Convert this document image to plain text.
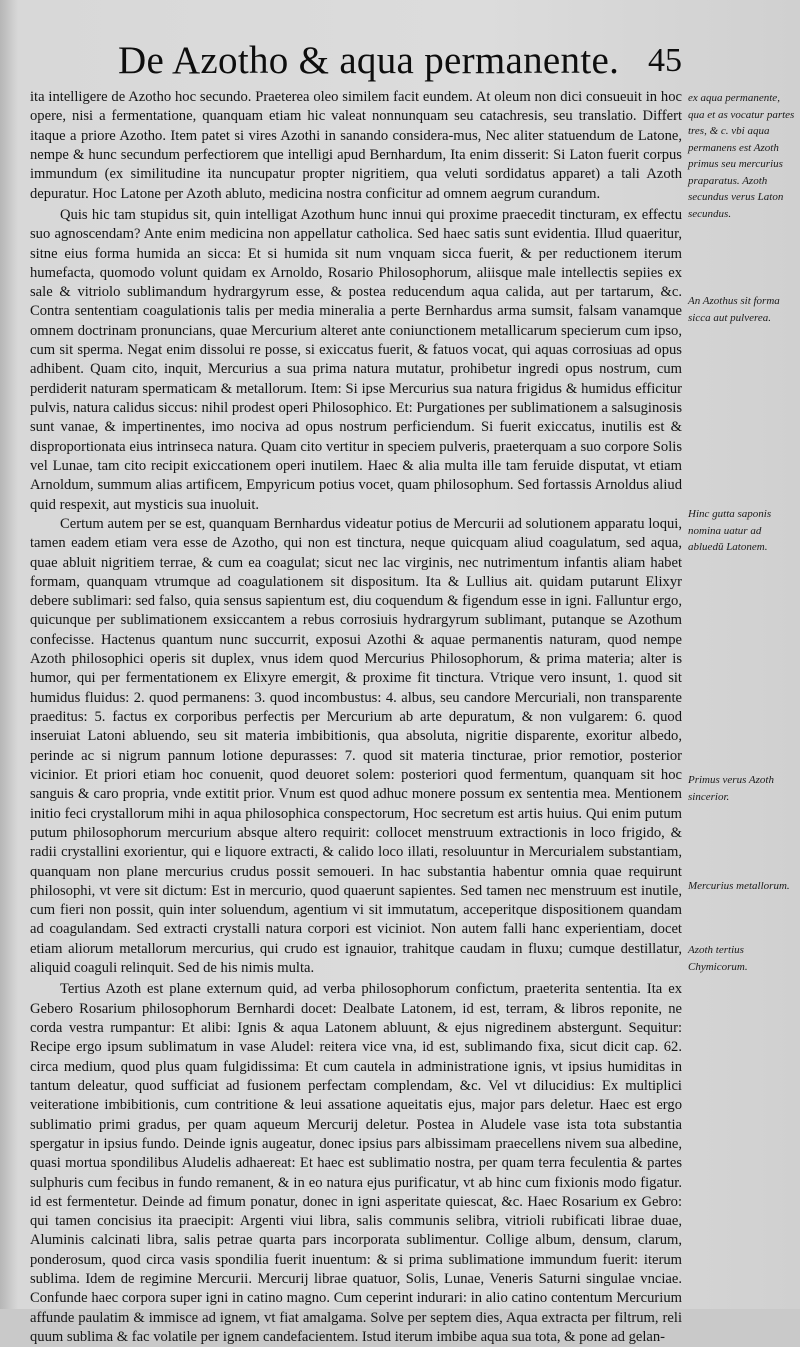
De Azotho & aqua permanente. 45

ita intelligere de Azotho hoc secundo. Praeterea oleo similem facit eundem. At oleum non dici consueuit in hoc opere, nisi a fermentatione, quanquam etiam hic valeat nonnunquam seu catachresis, seu translatio. Differt itaque a priore Azotho. Item patet si vires Azothi in sanando considera-mus, Nec aliter statuendum de Latone, nempe & hunc secundum perfectiorem que intelligi apud Bernhardum, Ita enim disserit: Si Laton fuerit corpus immundum (ex similitudine ita nuncupatur propter nigritiem, qua veluti sordidatus apparet) a tali Azoth depuratur. Hoc Latone per Azoth abluto, medicina nostra conficitur ad omnem aegrum curandum.

Quis hic tam stupidus sit, quin intelligat Azothum hunc innui qui proxime praecedit tincturam, ex effectu suo agnoscendam? Ante enim medicina non appellatur catholica. Sed haec satis sunt evidentia. Illud quaeritur, sitne eius forma humida an sicca: Et si humida sit num vnquam sicca fuerit, & per reductionem iterum humefacta, quomodo volunt quidam ex Arnoldo, Rosario Philosophorum, aliisque male intellectis sepiies ex sale & vitriolo sublimandum hydrargyrum esse, & postea reducendum aqua calida, aut per tartarum, &c. Contra sententiam coagulationis talis per media mineralia a perte Bernhardus arma sumsit, falsam vanamque omnem doctrinam pronuncians, quae Mercurium alteret ante coniunctionem metallicarum specierum cum ipso, cum sit sperma. Negat enim dissolui re posse, si exiccatus fuerit, & fatuos vocat, qui aquas corrosiuas ad opus adhibent. Quam cito, inquit, Mercurius a sua prima natura mutatur, prohibetur ingredi opus nostrum, cum perdiderit naturam spermaticam & metallorum. Item: Si ipse Mercurius sua natura frigidus & humidus efficitur pulvis, natura calidus siccus: nihil prodest operi Philosophico. Et: Purgationes per sublimationem a salsuginosis sunt vanae, & impertinentes, imo nociva ad opus nostrum perficiendum. Si fuerit exiccatus, inutilis est & disproportionata eius intrinseca natura. Quam cito vertitur in speciem pulveris, praeterquam a suo corpore Solis vel Lunae, tam cito recipit exiccationem operi inutilem. Haec & alia multa ille tam feruide disputat, vt etiam Arnoldum, summum alias artificem, Empyricum potius vocet, quam philosophum. Sed fortassis Arnoldus aliud quid respexit, aut mysticis sua inuoluit.

Certum autem per se est, quanquam Bernhardus videatur potius de Mercurii ad solutionem apparatu loqui, tamen eadem etiam vera esse de Azotho, qui non est tinctura, neque quicquam aliud coagulatum, sed aqua, quae abluit nigritiem terrae, & cum ea coagulat; sicut nec lac virginis, nec nutrimentum infantis aliam habet formam, quanquam vtrumque ad coagulationem sit dispositum. Ita & Lullius ait. quidam putarunt Elixyr debere sublimari: sed falso, quia sensus sapientum est, diu coquendum & figendum esse in igni. Falluntur ergo, quicunque per sublimationem exsiccantem a rebus corrosiuis hydrargyrum sublimant, putanque se Azothum confecisse. Hactenus quantum nunc succurrit, exposui Azothi & aquae permanentis naturam, quod nempe Azoth philosophici operis sit duplex, vnus idem quod Mercurius Philosophorum, & prima materia; alter is humor, qui per fermentationem ex Elixyre emergit, & proxime fit tinctura. Vtrique vero insunt, 1. quod sit humidus fluidus: 2. quod permanens: 3. quod incombustus: 4. albus, seu candore Mercuriali, non transparente praeditus: 5. factus ex corporibus perfectis per Mercurium ab arte depuratum, & non vulgarem: 6. quod inseruiat Latoni abluendo, seu sit materia imbibitionis, qua absoluta, nigritie disparente, exoritur albedo, perinde ac si nigrum pannum lotione depurasses: 7. quod sit materia tincturae, prior remotior, posterior vicinior. Et priori etiam hoc conuenit, quod deuoret solem: posteriori quod fermentum, quanquam sit hoc sanguis & caro propria, vnde extitit prior. Vnum est quod adhuc monere possum ex sententia mea. Mentionem initio feci crystallorum mihi in aqua philosophica conspectorum, Hoc secretum est artis huius. Qui enim putum putum philosophorum mercurium absque altero requirit: collocet menstruum extractionis in loco frigido, & radii crystallini exorientur, qui e liquore extracti, & calido loco illati, resoluuntur in Mercurialem substantiam, quanquam non plane mercurius crudus possit semoueri. In hac substantia habentur omnia quae requirunt philosophi, vt vere sit dictum: Est in mercurio, quod quaerunt sapientes. Sed tamen nec menstruum est inutile, cum fieri non possit, quin inter soluendum, agentium vi sit immutatum, acceperitque dispositionem quandam ad coagulandam. Sed extracti crystalli natura corpori est viciniot. Non autem falli hanc experientiam, docet etiam aliorum metallorum mercurius, qui crudo est ignauior, trahitque caudam in fluxu; cumque destillatur, aliquid coaguli relinquit. Sed de his nimis multa.

Tertius Azoth est plane externum quid, ad verba philosophorum confictum, praeterita sententia. Ita ex Gebero Rosarium philosophorum Bernhardi docet: Dealbate Latonem, id est, terram, & libros reponite, ne corda vestra rumpantur: Et alibi: Ignis & aqua Latonem abluunt, & ejus nigredinem abstergunt. Sequitur: Recipe ergo ipsum sublimatum in vase Aludel: reitera vice vna, id est, sublimando fixa, sicut dicit cap. 62. circa medium, quod plus quam fulgidissima: Et cum cautela in administratione ignis, vt ipsius humiditas in tantum deleatur, quod sufficiat ad fusionem perfectam complendam, &c. Vel vt dilucidius: Ex multiplici veiteratione imbibitionis, cum contritione & leui assatione aqueitatis ejus, major pars deletur. Haec est ergo sublimatio primi gradus, per quam aqueum Mercurij deletur. Postea in Aludele vase ista tota substantia spergatur in ipsius fundo. Deinde ignis augeatur, donec ipsius pars albissimam praecellens nivem sua albedine, quasi mortua spondilibus Aludelis adhaereat: Et haec est sublimatio nostra, per quam terra feculentia & partes sulphuris cum fecibus in fundo remanent, & in eo natura ejus purificatur, vt ab hinc cum fixionis modo figatur. id est fermentetur. Deinde ad fimum ponatur, donec in igni asperitate quiescat, &c. Haec Rosarium ex Gebro: qui tamen concisius ita praecipit: Argenti viui libra, salis communis selibra, vitrioli rubificati librae duae, Aluminis calcinati libra, salis petrae quarta pars incorporata sublimentur. Collige album, densum, clarum, ponderosum, quod circa vasis spondilia fuerit inuentum: & si prima sublimatione immundum fuerit: iterum sublima. Idem de regimine Mercurii. Mercurij librae quatuor, Solis, Lunae, Veneris Saturni singulae vnciae. Confunde haec corpora super igni in catino magno. Cum ceperint indurari: in alio catino contentum Mercurium affunde paulatim & immisce ad ignem, vt fiat amalgama. Solve per septem dies, Aqua extracta per filtrum, reli quum sublima & fac volatile per ignem candefacientem. Istud iterum imbibe aqua sua tota, & pone ad gelan-

ex aqua permanente, qua et as vocatur partes tres, & c. vbi aqua permanens est Azoth primus seu mercurius praparatus. Azoth secundus verus Laton secundus.
An Azothus sit forma sicca aut pulverea.
Hinc gutta saponis nomina uatur ad abluedū Latonem.
Primus verus Azoth sincerior.
Mercurius metallorum.
Azoth tertius Chymicorum.
